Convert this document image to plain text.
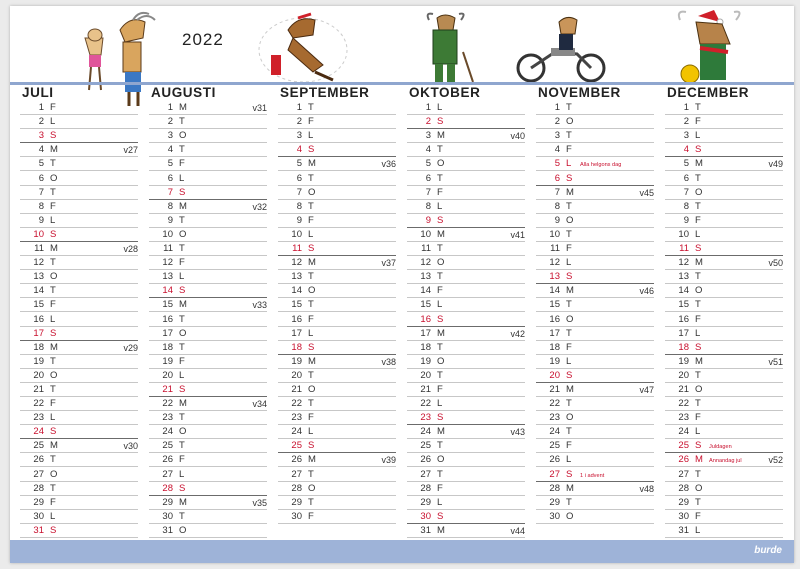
2022
JULI
1 F
2 L
3 S
4 M	v27
5 T
6 O
7 T
8 F
9 L
10 S
11 M	v28
12 T
13 O
14 T
15 F
16 L
17 S
18 M	v29
19 T
20 O
21 T
22 F
23 L
24 S
25 M	v30
26 T
27 O
28 T
29 F
30 L
31 S
AUGUSTI
1 M	v31
2 T
3 O
4 T
5 F
6 L
7 S
8 M	v32
9 T
10 O
11 T
12 F
13 L
14 S
15 M	v33
16 T
17 O
18 T
19 F
20 L
21 S
22 M	v34
23 T
24 O
25 T
26 F
27 L
28 S
29 M	v35
30 T
31 O
SEPTEMBER
1 T
2 F
3 L
4 S
5 M	v36
6 T
7 O
8 T
9 F
10 L
11 S
12 M	v37
13 T
14 O
15 T
16 F
17 L
18 S
19 M	v38
20 T
21 O
22 T
23 F
24 L
25 S
26 M	v39
27 T
28 O
29 T
30 F
OKTOBER
1 L
2 S
3 M	v40
4 T
5 O
6 T
7 F
8 L
9 S
10 M	v41
11 T
12 O
13 T
14 F
15 L
16 S
17 M	v42
18 T
19 O
20 T
21 F
22 L
23 S
24 M	v43
25 T
26 O
27 T
28 F
29 L
30 S
31 M	v44
NOVEMBER
1 T
2 O
3 T
4 F
5 L Alla helgons dag
6 S
7 M	v45
8 T
9 O
10 T
11 F
12 L
13 S
14 M	v46
15 T
16 O
17 T
18 F
19 L
20 S
21 M	v47
22 T
23 O
24 T
25 F
26 L
27 S 1 i advent
28 M	v48
29 T
30 O
DECEMBER
1 T
2 F
3 L
4 S
5 M	v49
6 T
7 O
8 T
9 F
10 L
11 S
12 M	v50
13 T
14 O
15 T
16 F
17 L
18 S
19 M	v51
20 T
21 O
22 T
23 F
24 L
25 S Juldagen
26 M Annandag jul	v52
27 T
28 O
29 T
30 F
31 L
burde
